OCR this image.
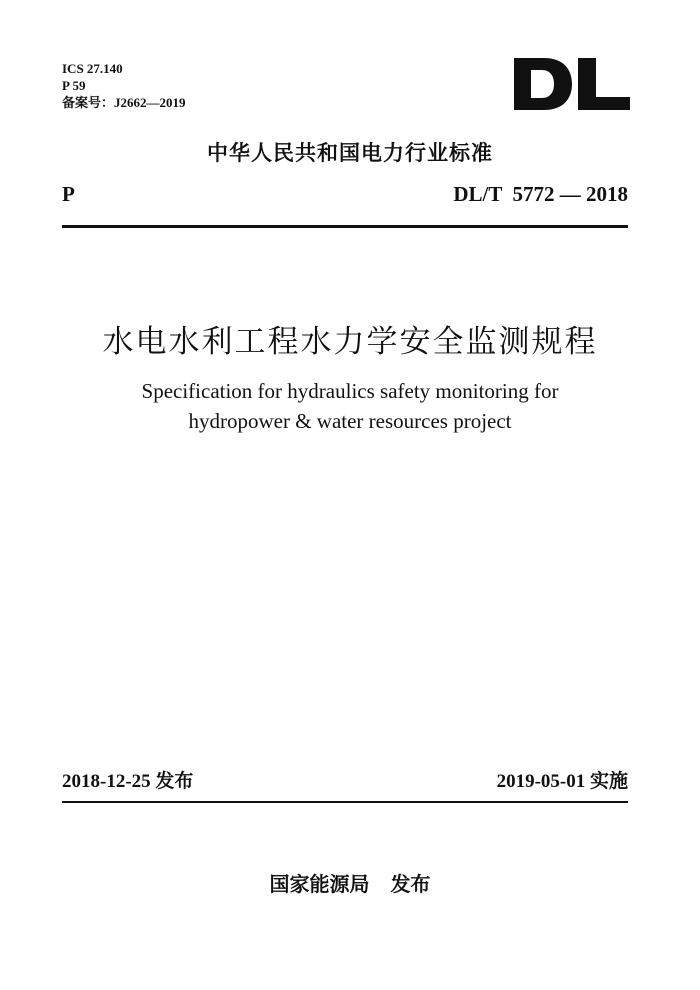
ICS 27.140
P 59
备案号：J2662—2019
中华人民共和国电力行业标准
P	DL/T  5772 — 2018
水电水利工程水力学安全监测规程
Specification for hydraulics safety monitoring for
hydropower & water resources project
2018-12-25 发布	2019-05-01 实施
国家能源局 发布
